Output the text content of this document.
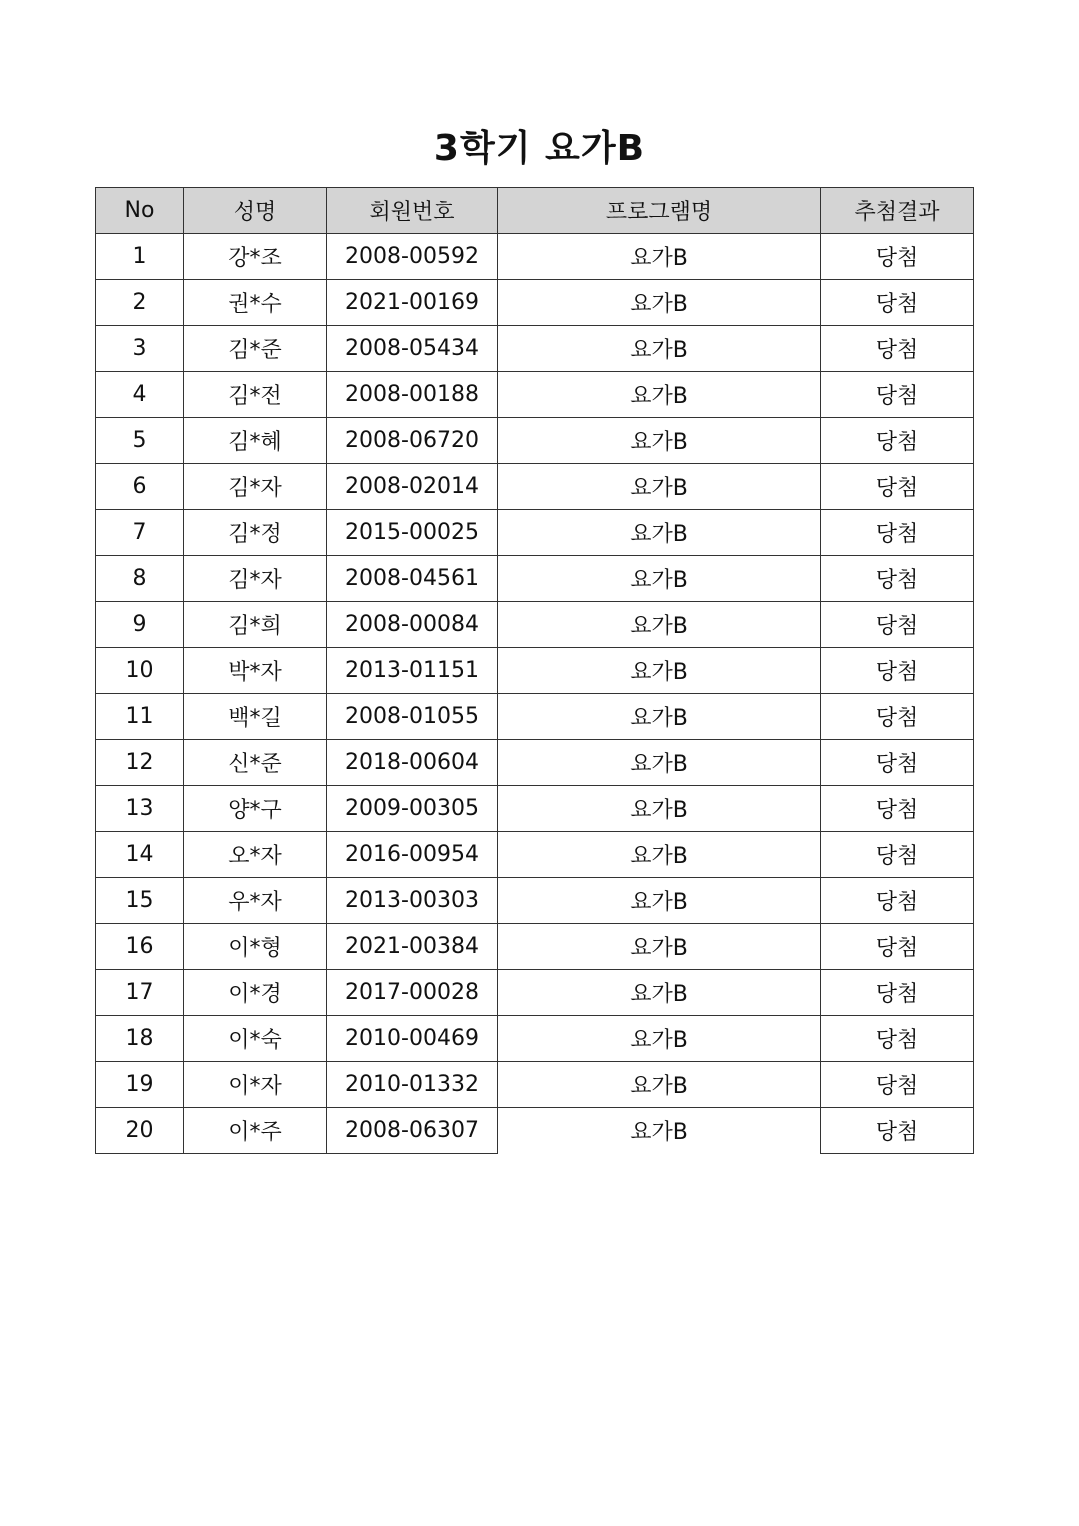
3학기 요가B
No	성명	회원번호	프로그램명	추첨결과
1	강*조	2008-00592	요가B	당첨
2	권*수	2021-00169	요가B	당첨
3	김*준	2008-05434	요가B	당첨
4	김*전	2008-00188	요가B	당첨
5	김*혜	2008-06720	요가B	당첨
6	김*자	2008-02014	요가B	당첨
7	김*정	2015-00025	요가B	당첨
8	김*자	2008-04561	요가B	당첨
9	김*희	2008-00084	요가B	당첨
10	박*자	2013-01151	요가B	당첨
11	백*길	2008-01055	요가B	당첨
12	신*준	2018-00604	요가B	당첨
13	양*구	2009-00305	요가B	당첨
14	오*자	2016-00954	요가B	당첨
15	우*자	2013-00303	요가B	당첨
16	이*형	2021-00384	요가B	당첨
17	이*경	2017-00028	요가B	당첨
18	이*숙	2010-00469	요가B	당첨
19	이*자	2010-01332	요가B	당첨
20	이*주	2008-06307	요가B	당첨
